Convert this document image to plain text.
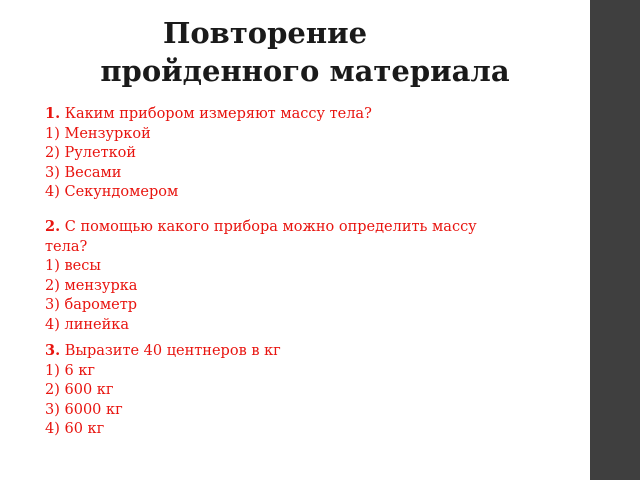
Повторение
пройденного материала
1. Каким прибором измеряют массу тела?
1) Мензуркой
2) Рулеткой
3) Весами
4) Секундомером
2. С помощью какого прибора можно определить массу тела?
1) весы
2) мензурка
3) барометр
4) линейка
3. Выразите 40 центнеров в кг
1) 6 кг
2) 600 кг
3) 6000 кг
4) 60 кг
